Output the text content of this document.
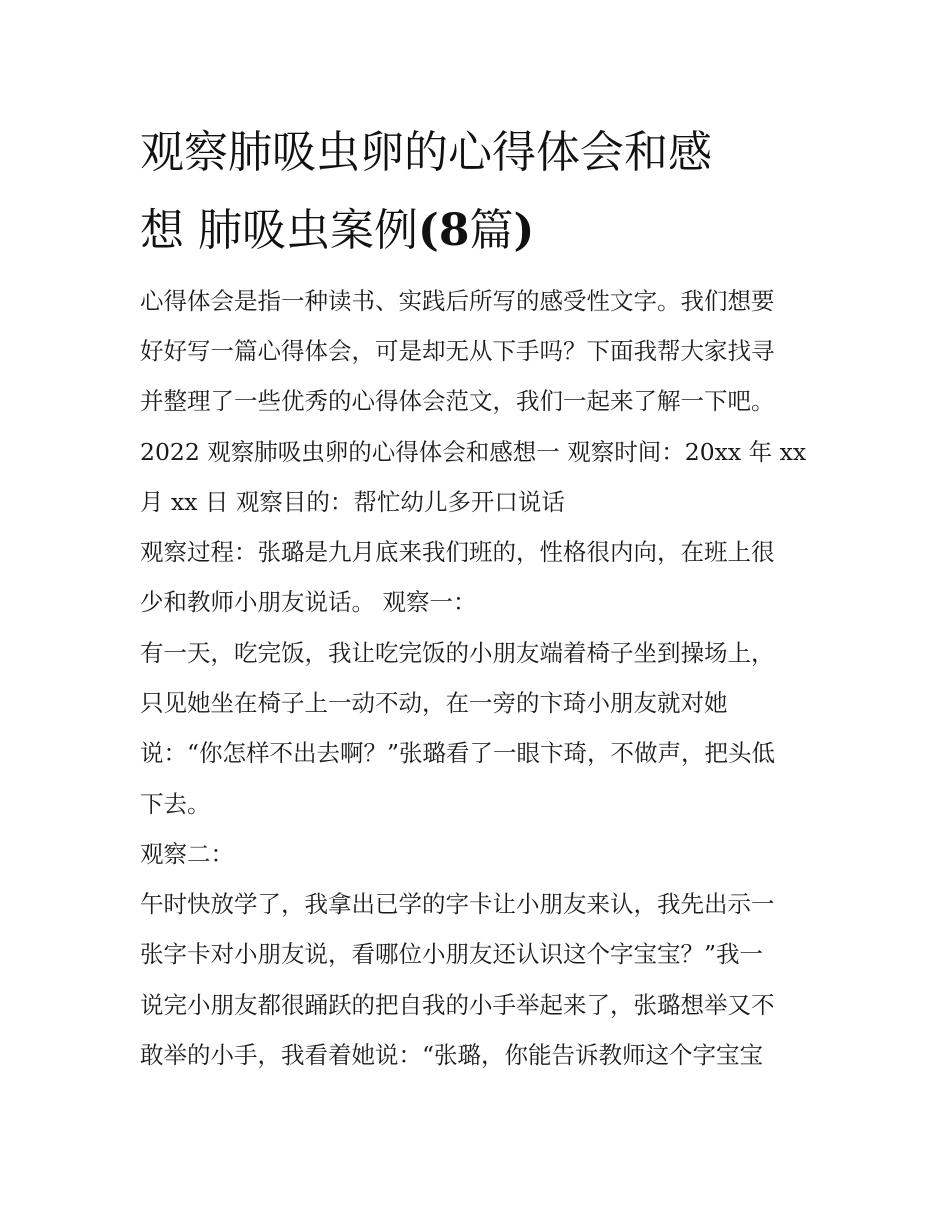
观察肺吸虫卵的心得体会和感
想 肺吸虫案例(8篇)

心得体会是指一种读书、实践后所写的感受性文字。我们想要

好好写一篇心得体会，可是却无从下手吗？下面我帮大家找寻

并整理了一些优秀的心得体会范文，我们一起来了解一下吧。

2022 观察肺吸虫卵的心得体会和感想一 观察时间：20xx 年 xx

月 xx 日 观察目的：帮忙幼儿多开口说话

观察过程：张璐是九月底来我们班的，性格很内向，在班上很

少和教师小朋友说话。 观察一：

有一天，吃完饭，我让吃完饭的小朋友端着椅子坐到操场上，

只见她坐在椅子上一动不动，在一旁的卞琦小朋友就对她

说：“你怎样不出去啊？”张璐看了一眼卞琦，不做声，把头低

下去。

观察二：

午时快放学了，我拿出已学的字卡让小朋友来认，我先出示一

张字卡对小朋友说，看哪位小朋友还认识这个字宝宝？”我一

说完小朋友都很踊跃的把自我的小手举起来了，张璐想举又不

敢举的小手，我看着她说：“张璐，你能告诉教师这个字宝宝
